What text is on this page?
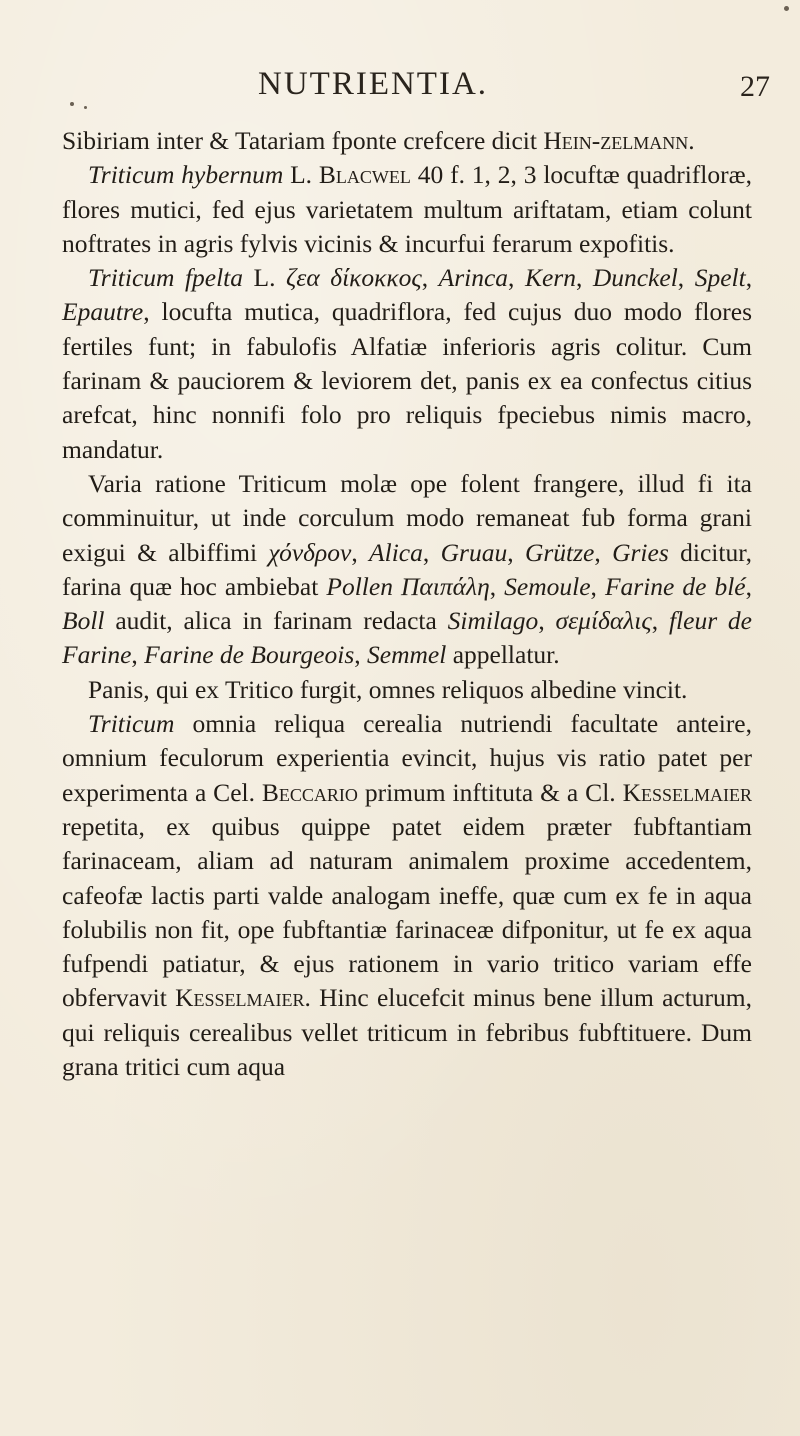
NUTRIENTIA.	27

Sibiriam inter & Tatariam fponte crefcere dicit Hein-zelmann.

Triticum hybernum L. Blacwel 40 f. 1, 2, 3 locuftæ quadrifloræ, flores mutici, fed ejus varietatem multum ariftatam, etiam colunt noftrates in agris fylvis vicinis & incurfui ferarum expofitis.

Triticum fpelta L. ζεα δίκοκκος, Arinca, Kern, Dunckel, Spelt, Epautre, locufta mutica, quadriflora, fed cujus duo modo flores fertiles funt; in fabulofis Alfatiæ inferioris agris colitur. Cum farinam & pauciorem & leviorem det, panis ex ea confectus citius arefcat, hinc nonnifi folo pro reliquis fpeciebus nimis macro, mandatur.

Varia ratione Triticum molæ ope folent frangere, illud fi ita comminuitur, ut inde corculum modo remaneat fub forma grani exigui & albiffimi χόνδρον, Alica, Gruau, Grütze, Gries dicitur, farina quæ hoc ambiebat Pollen Παιπάλη, Semoule, Farine de blé, Boll audit, alica in farinam redacta Similago, σεμίδαλις, fleur de Farine, Farine de Bourgeois, Semmel appellatur.

Panis, qui ex Tritico furgit, omnes reliquos albedine vincit.

Triticum omnia reliqua cerealia nutriendi facultate anteire, omnium feculorum experientia evincit, hujus vis ratio patet per experimenta a Cel. Beccario primum inftituta & a Cl. Kesselmaier repetita, ex quibus quippe patet eidem præter fubftantiam farinaceam, aliam ad naturam animalem proxime accedentem, cafeofæ lactis parti valde analogam ineffe, quæ cum ex fe in aqua folubilis non fit, ope fubftantiæ farinaceæ difponitur, ut fe ex aqua fufpendi patiatur, & ejus rationem in vario tritico variam effe obfervavit Kesselmaier. Hinc elucefcit minus bene illum acturum, qui reliquis cerealibus vellet triticum in febribus fubftituere. Dum grana tritici cum aqua
